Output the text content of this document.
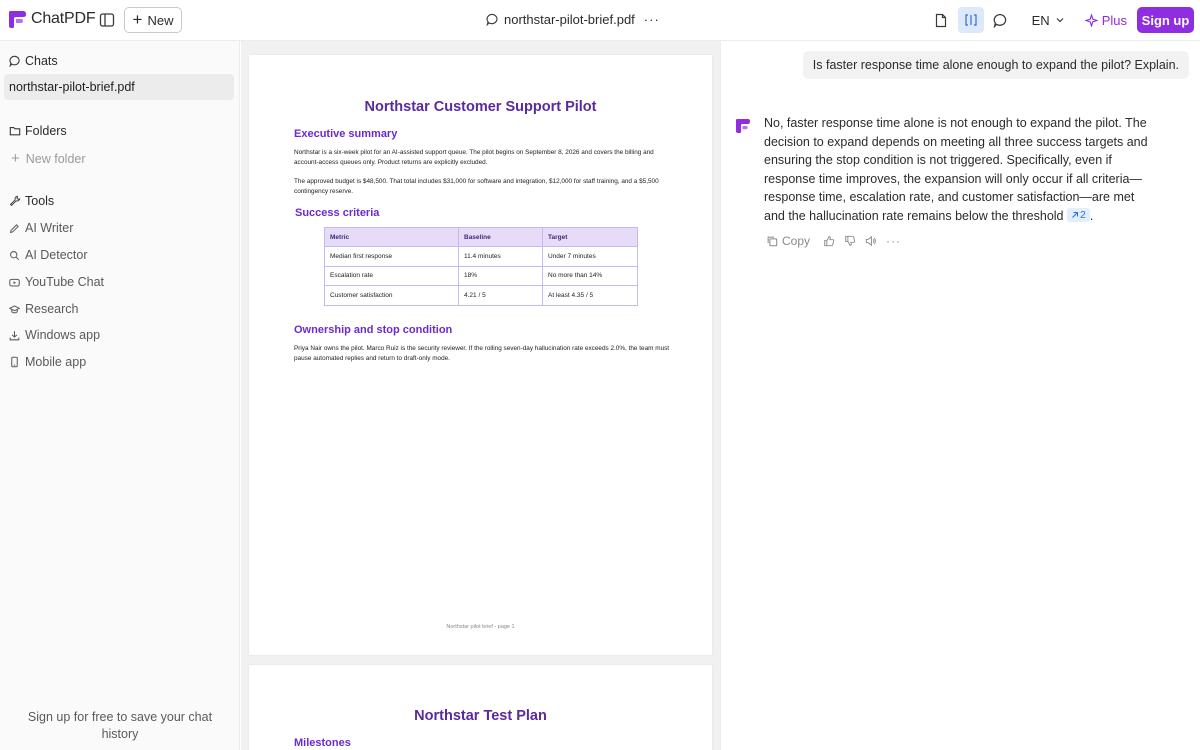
ChatPDF + New	northstar-pilot-brief.pdf ···	EN	Plus	Sign up
Chats
northstar-pilot-brief.pdf
Folders
+ New folder
Tools
AI Writer
AI Detector
YouTube Chat
Research
Windows app
Mobile app
Sign up for free to save your chat history
Northstar Customer Support Pilot
Executive summary
Northstar is a six-week pilot for an AI-assisted support queue. The pilot begins on September 8, 2026 and covers the billing and account-access queues only. Product returns are explicitly excluded.
The approved budget is $48,500. That total includes $31,000 for software and integration, $12,000 for staff training, and a $5,500 contingency reserve.
Success criteria
Metric	Baseline	Target
Median first response	11.4 minutes	Under 7 minutes
Escalation rate	18%	No more than 14%
Customer satisfaction	4.21 / 5	At least 4.35 / 5
Ownership and stop condition
Priya Nair owns the pilot. Marco Ruiz is the security reviewer. If the rolling seven-day hallucination rate exceeds 2.0%, the team must pause automated replies and return to draft-only mode.
Northstar pilot brief - page 1
Northstar Test Plan
Milestones
Is faster response time alone enough to expand the pilot? Explain.
No, faster response time alone is not enough to expand the pilot. The decision to expand depends on meeting all three success targets and ensuring the stop condition is not triggered. Specifically, even if response time improves, the expansion will only occur if all criteria—response time, escalation rate, and customer satisfaction—are met and the hallucination rate remains below the threshold 2 .
Copy	···
